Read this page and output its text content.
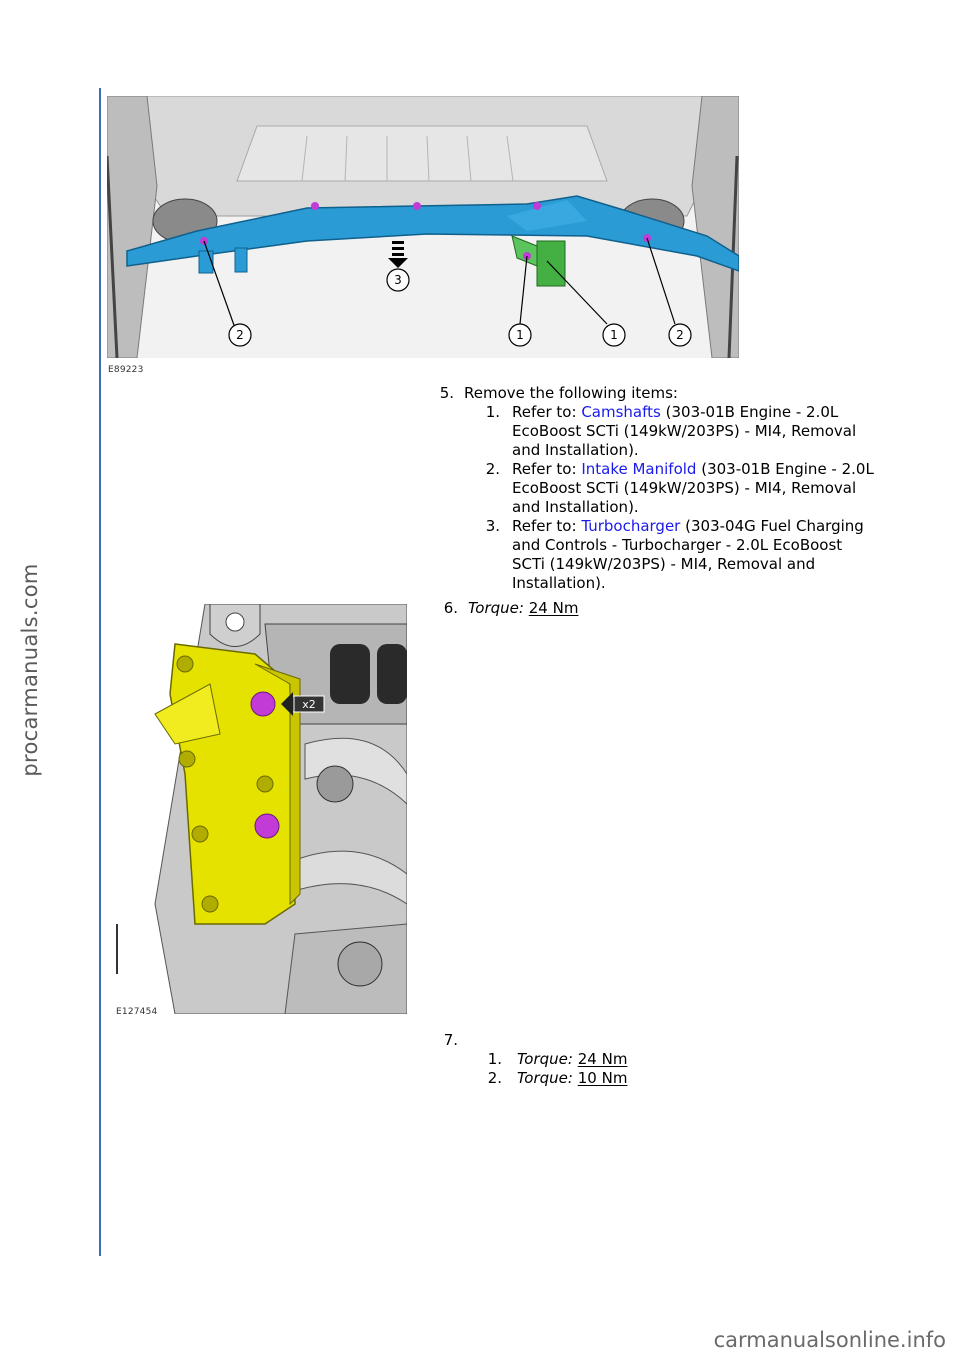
procarmanuals.com
3
2	1	1	2
E89223
5. Remove the following items:
1. Refer to: Camshafts (303-01B Engine - 2.0L
EcoBoost SCTi (149kW/203PS) - MI4, Removal
and Installation).
2. Refer to: Intake Manifold (303-01B Engine - 2.0L
EcoBoost SCTi (149kW/203PS) - MI4, Removal
and Installation).
3. Refer to: Turbocharger (303-04G Fuel Charging
and Controls - Turbocharger - 2.0L EcoBoost
SCTi (149kW/203PS) - MI4, Removal and
Installation).
6. Torque: 24 Nm
7.
1. Torque: 24 Nm
2. Torque: 10 Nm
x2
E127454
carmanualsonline.info
